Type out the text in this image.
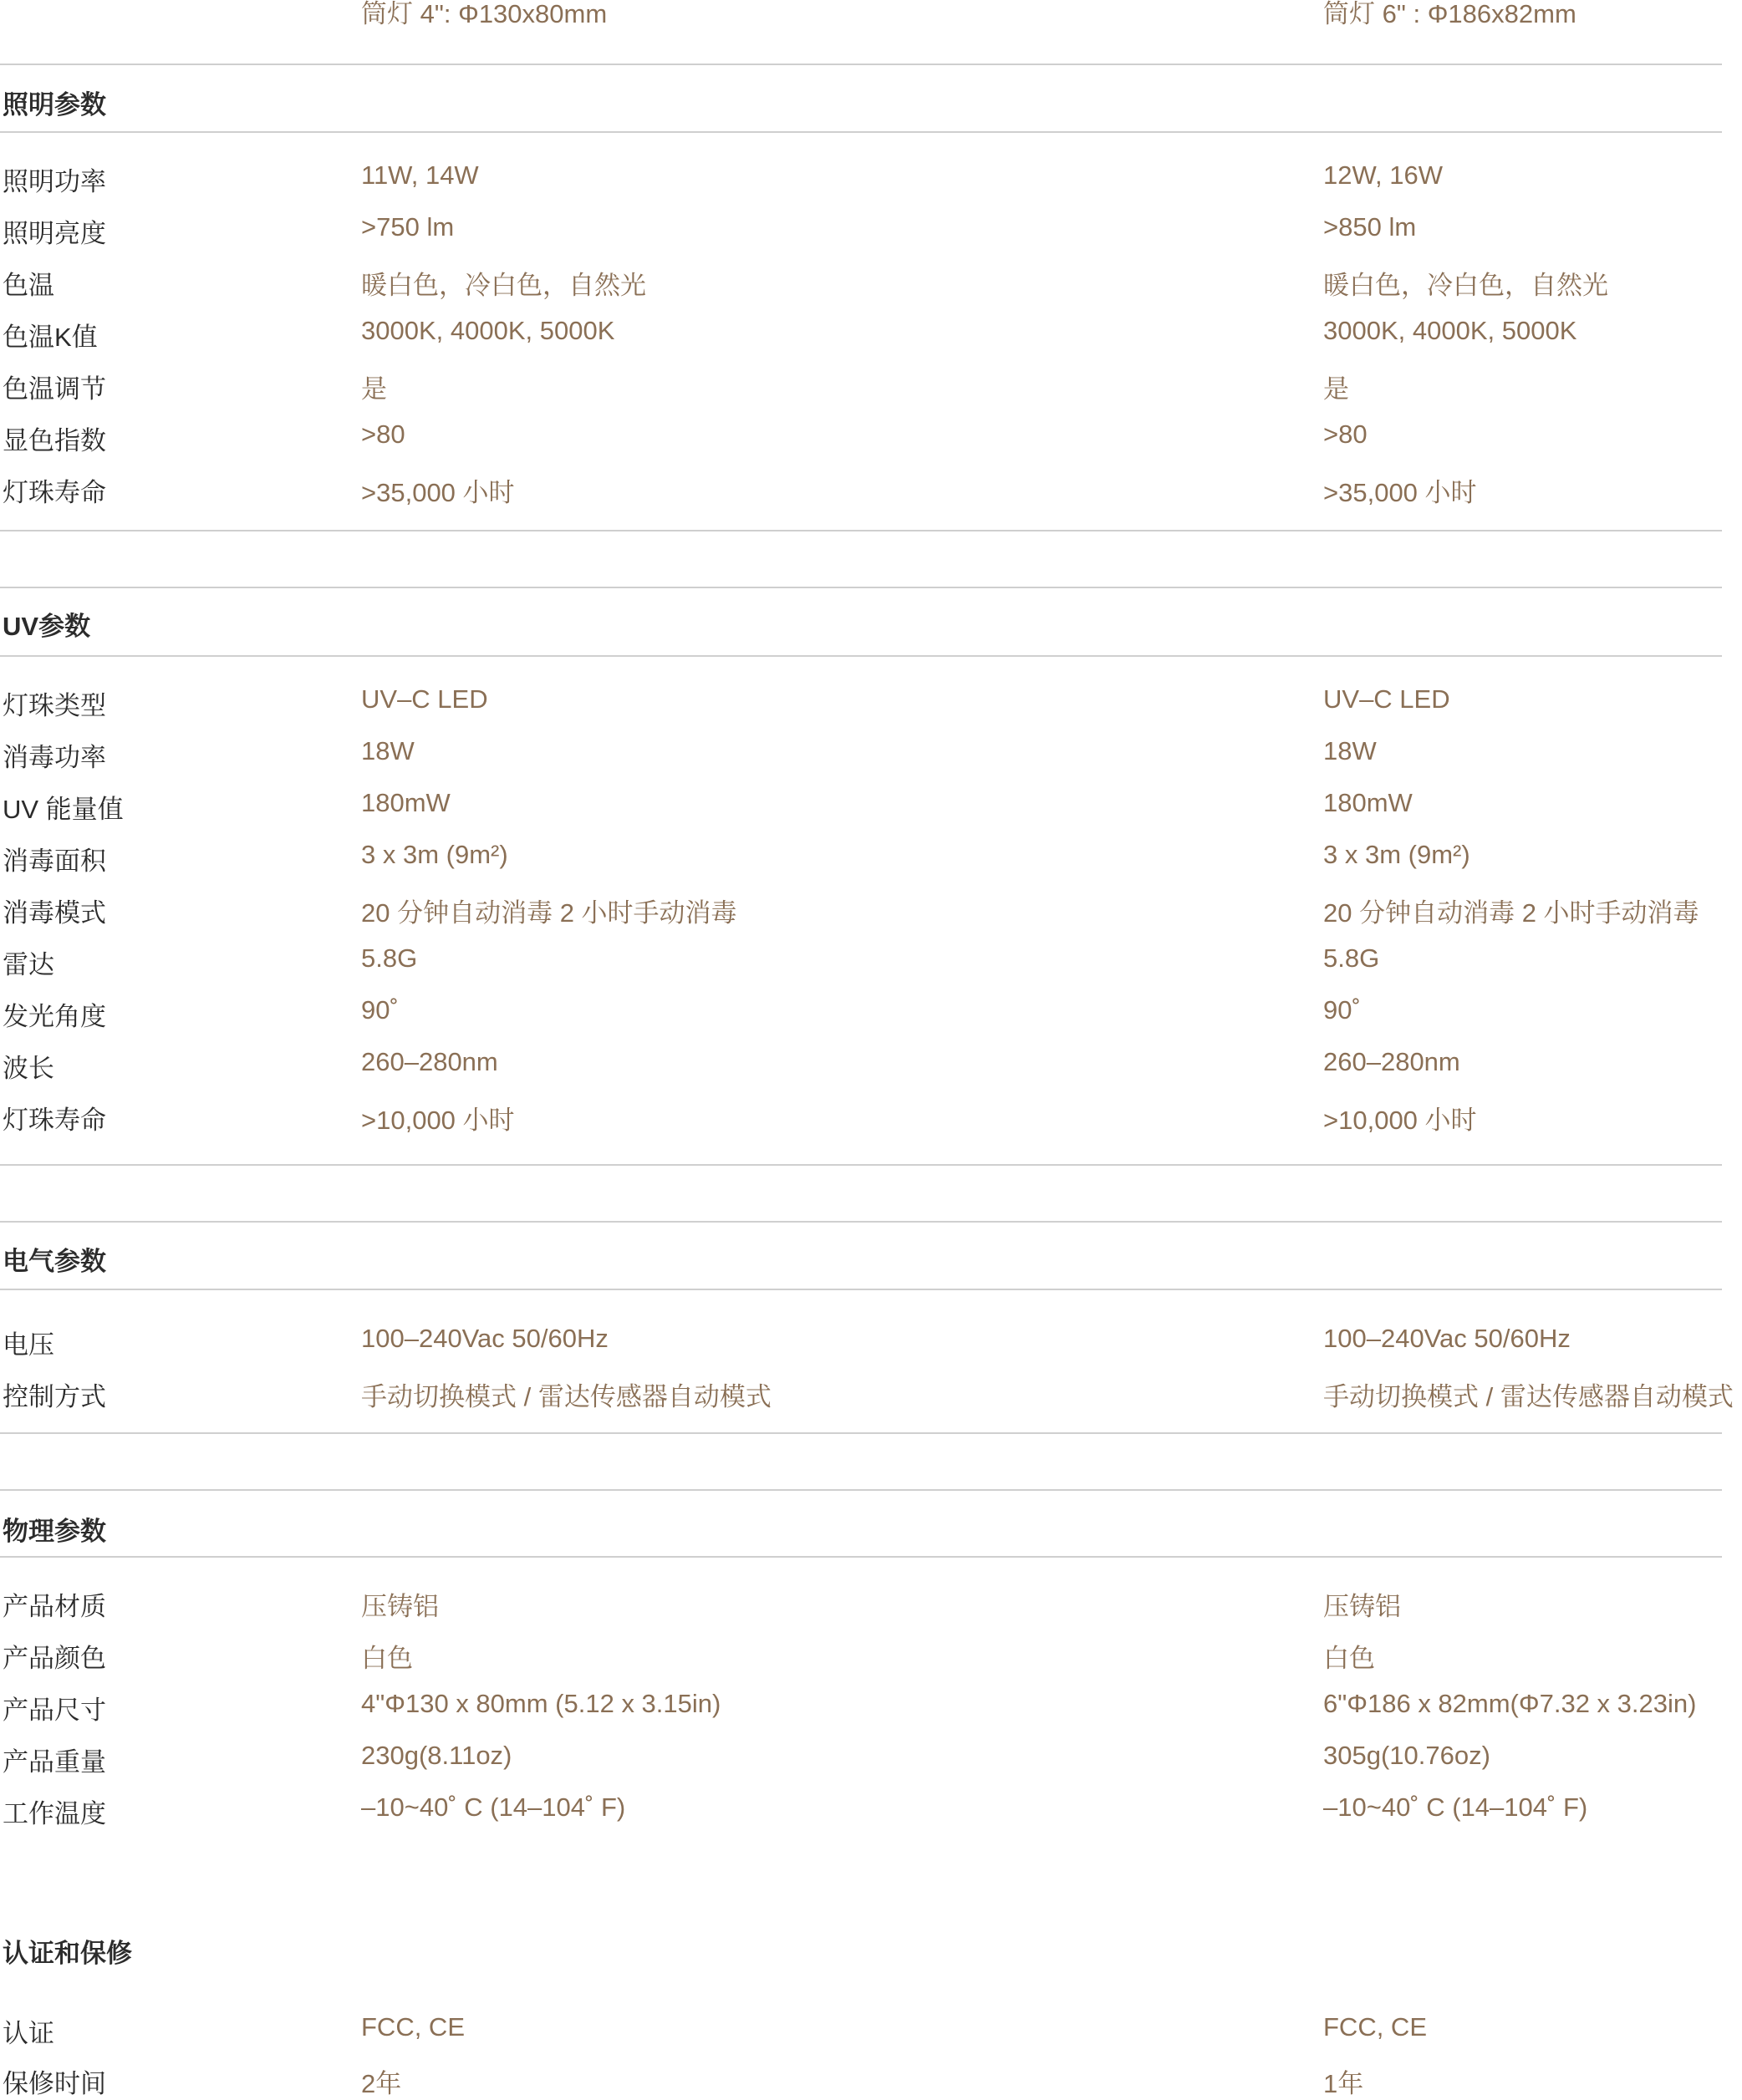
筒灯 4": Φ130x80mm	筒灯 6" : Φ186x82mm
照明参数
照明功率	11W, 14W	12W, 16W
照明亮度	>750 lm	>850 lm
色温	暖白色，冷白色，自然光	暖白色，冷白色，自然光
色温K值	3000K, 4000K, 5000K	3000K, 4000K, 5000K
色温调节	是	是
显色指数	>80	>80
灯珠寿命	>35,000 小时	>35,000 小时
UV参数
灯珠类型	UV–C LED	UV–C LED
消毒功率	18W	18W
UV 能量值	180mW	180mW
消毒面积	3 x 3m (9m²)	3 x 3m (9m²)
消毒模式	20 分钟自动消毒 2 小时手动消毒	20 分钟自动消毒 2 小时手动消毒
雷达	5.8G	5.8G
发光角度	90˚	90˚
波长	260–280nm	260–280nm
灯珠寿命	>10,000 小时	>10,000 小时
电气参数
电压	100–240Vac 50/60Hz	100–240Vac 50/60Hz
控制方式	手动切换模式 / 雷达传感器自动模式	手动切换模式 / 雷达传感器自动模式
物理参数
产品材质	压铸铝	压铸铝
产品颜色	白色	白色
产品尺寸	4"Φ130 x 80mm (5.12 x 3.15in)	6"Φ186 x 82mm(Φ7.32 x 3.23in)
产品重量	230g(8.11oz)	305g(10.76oz)
工作温度	–10~40˚ C (14–104˚ F)	–10~40˚ C (14–104˚ F)
认证和保修
认证	FCC, CE	FCC, CE
保修时间	2年	1年
